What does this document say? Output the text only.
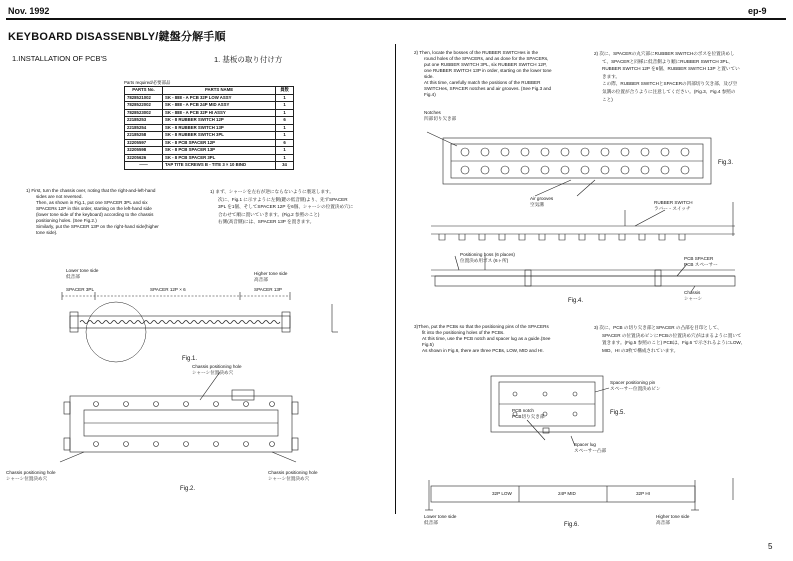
Nov. 1992	ep-9
KEYBOARD DISASSENBLY/鍵盤分解手順
1.INSTALLATION OF PCB'S	1. 基板の取り付け方
Parts required/必要部品
PARTS No.	PARTS NAME	員数
7828521002	SK - 888 - A PCB 32P LOW ASSY	1
7828522002	SK - 888 - A PCB 24P MID ASSY	1
7828523002	SK - 888 - A PCB 32P HI ASSY	1
22185253	SK - 8 RUBBER SWITCH 12P	6
22185254	SK - 8 RUBBER SWITCH 13P	1
22185258	SK - 8 RUBBER SWITCH 3PL	1
32205597	SK - 8 PCB SPACER 12P	6
32205598	SK - 8 PCB SPACER 13P	1
32205626	SK - 8 PCB SPACER 3PL	1
——	TAP TITE SCREWS B - TITE 3 × 10 BIND	34
1) First, turn the chassis over, noting that the right-and-left-hand
sides are not reversed.
Then, as shown in Fig.1, put one SPACER 3PL and six
SPACERs 12P in this order, starting on the left-hand side
(lower tone side of the keyboard) according to the chassis
positioning holes. (See Fig.2.)
Similarly, put the SPACER 13P on the right-hand side(higher
tone side).
1) まず、シャーシを左右が逆にならないように裏返します。
次に、Fig.1 に示すように左側(鍵の低音側)より、先ずSPACER
3PL を1個、そしてSPACER 12P を6個、シャーシの位置決め穴に
合わせて順に置いていきます。(Fig.2 参照のこと)
右側(高音側)には、SPACER 13P を置きます。
Lower tone side
低音部
Higher tone side
高音部
SPACER 3PL	SPACER 12P × 6	SPACER 13P
Fig.1.
Chassis positioning hole
シャーシ位置決め穴
Chassis positioning hole
シャーシ位置決め穴
Chassis positioning hole
シャーシ位置決め穴
Fig.2.
2) Then, locate the bosses of the RUBBER SWITCHes in the
round holes of the SPACERs, and as done for the SPACERs,
put one RUBBER SWITCH 3PL, six RUBBER SWITCH 12P,
one RUBBER SWITCH 13P in order, starting on the lower tone
side.
At this time, carefully match the positions of the RUBBER
SWITCHes, SPACER notches and air grooves. (See Fig.3 and
Fig.4)
2) 次に、SPACERの丸穴部にRUBBER SWITCHのボスを位置決めし
て、SPACERと同様に低音側より順にRUBBER SWITCH 3PL、
RUBBER SWITCH 12P を6個、RUBBER SWITCH 13P と置いてい
きます。
この際、RUBBER SWITCHとSPACERの凹部切り欠き部、及び空
気溝の位置が合うように注意してください。(Fig.3、Fig.4 参照の
こと)
Notches
凹部切り欠き部
Air grooves
空気溝
Fig.3.
RUBBER SWITCH
ラバー・スイッチ
Positioning boss (6 places)
位置決め用ボス (6ヶ所)	PCB SPACER
PCB スペーサー
Chassis
シャーシ
Fig.4.
3)Then, put the PCBs so that the positioning pins of the SPACERs
fit into the positioning holes of the PCBs.
At this time, use the PCB notch and spacer lug as a guide.(See
Fig.5)
As shown in Fig.6, there are three PCBs, LOW, MID and HI.
3) 次に、PCB の切り欠き部とSPACER の凸部を目印として、
SPACER の位置決めピンにPCBの位置決め穴がはまるように置いて
置きます。(Fig.5 参照のこと) PCBは、Fig.6 で示されるようにLOW、
MID、HI の3枚で構成されています。
Spacer positioning pin
スペーサー位置決めピン
PCB notch
PCB切り欠き部
Spacer lug
スペーサー凸部
Fig.5.
32P LOW	24P MID	32P HI
Lower tone side
低音部
Higher tone side
高音部
Fig.6.
5
